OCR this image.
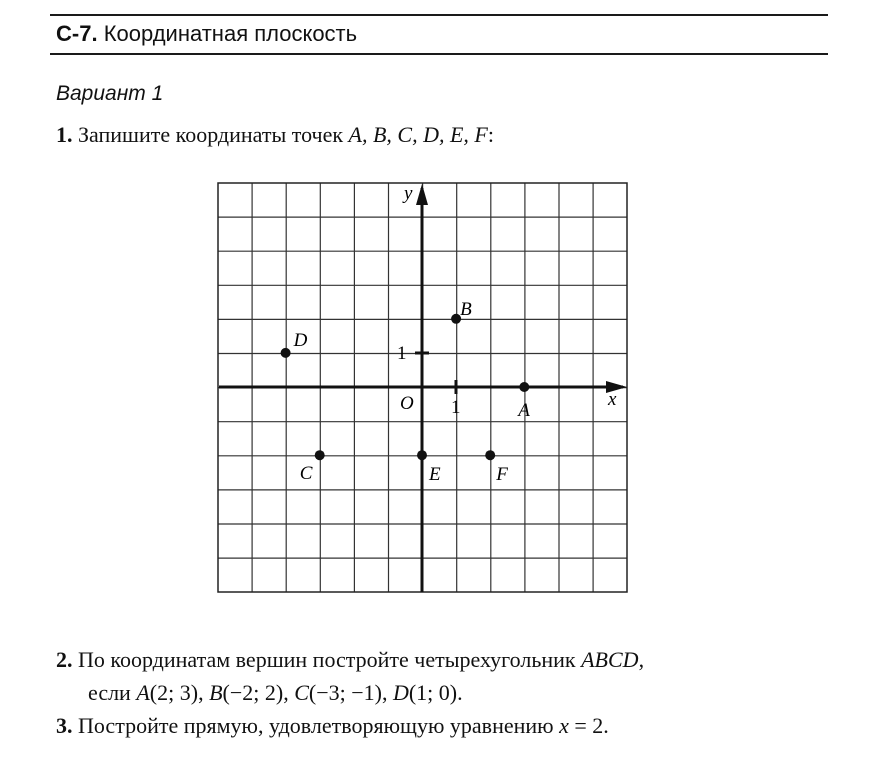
С-7. Координатная плоскость
Вариант 1
1. Запишите координаты точек A, B, C, D, E, F:
x
y
O 1
1
A
B
C
D
E	F
2. По координатам вершин постройте четырехугольник ABCD,
если A(2; 3), B(−2; 2), C(−3; −1), D(1; 0).
3. Постройте прямую, удовлетворяющую уравнению x = 2.
